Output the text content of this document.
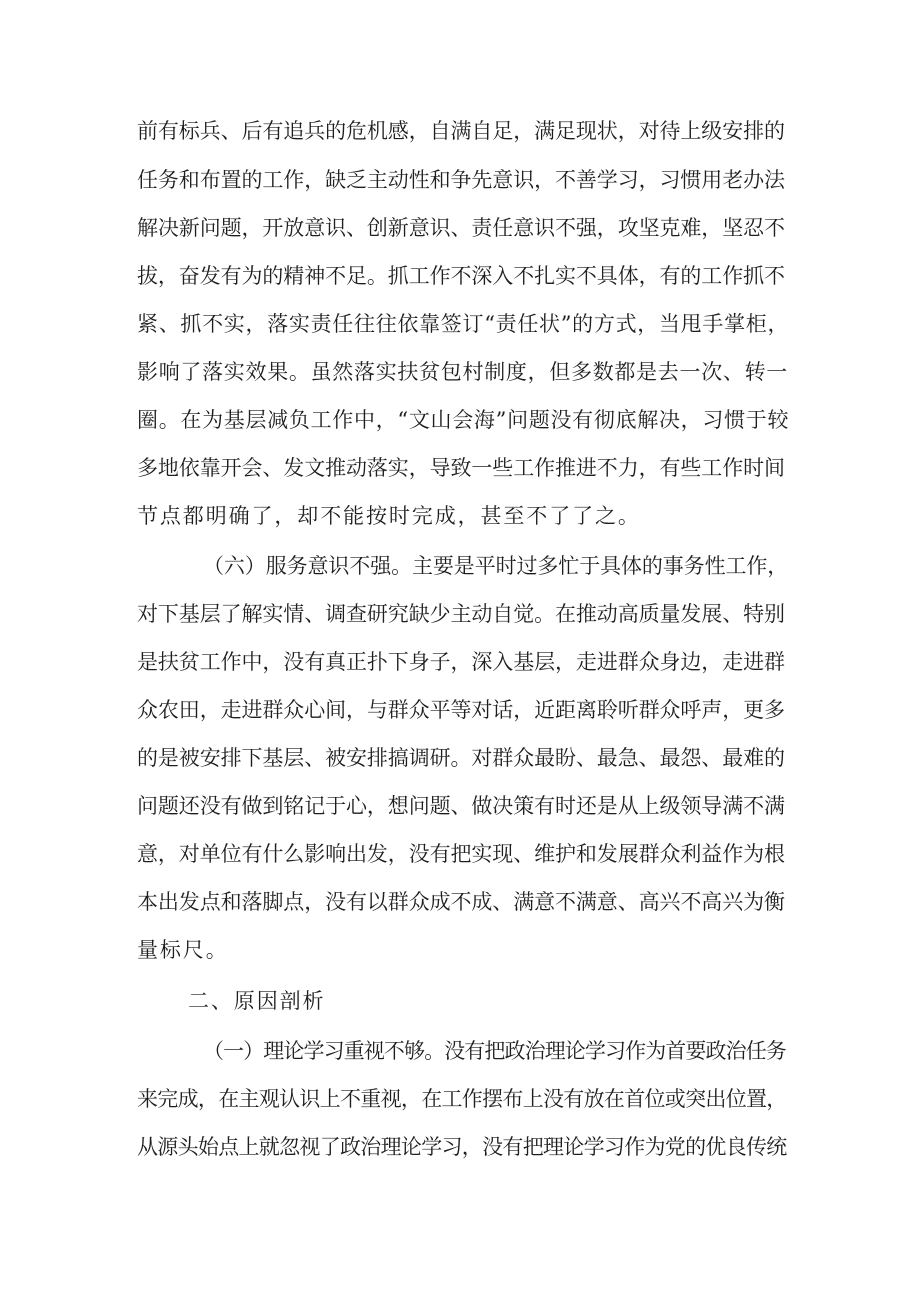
前有标兵、后有追兵的危机感，自满自足，满足现状，对待上级安排的

任务和布置的工作，缺乏主动性和争先意识，不善学习，习惯用老办法

解决新问题，开放意识、创新意识、责任意识不强，攻坚克难，坚忍不

拔，奋发有为的精神不足。抓工作不深入不扎实不具体，有的工作抓不

紧、抓不实，落实责任往往依靠签订“责任状”的方式，当甩手掌柜，

影响了落实效果。虽然落实扶贫包村制度，但多数都是去一次、转一

圈。在为基层减负工作中，“文山会海”问题没有彻底解决，习惯于较

多地依靠开会、发文推动落实，导致一些工作推进不力，有些工作时间

节点都明确了，却不能按时完成，甚至不了了之。

（六）服务意识不强。主要是平时过多忙于具体的事务性工作，

对下基层了解实情、调查研究缺少主动自觉。在推动高质量发展、特别

是扶贫工作中，没有真正扑下身子，深入基层，走进群众身边，走进群

众农田，走进群众心间，与群众平等对话，近距离聆听群众呼声，更多

的是被安排下基层、被安排搞调研。对群众最盼、最急、最怨、最难的

问题还没有做到铭记于心，想问题、做决策有时还是从上级领导满不满

意，对单位有什么影响出发，没有把实现、维护和发展群众利益作为根

本出发点和落脚点，没有以群众成不成、满意不满意、高兴不高兴为衡

量标尺。

二、原因剖析

（一）理论学习重视不够。没有把政治理论学习作为首要政治任务

来完成，在主观认识上不重视，在工作摆布上没有放在首位或突出位置，

从源头始点上就忽视了政治理论学习，没有把理论学习作为党的优良传统
